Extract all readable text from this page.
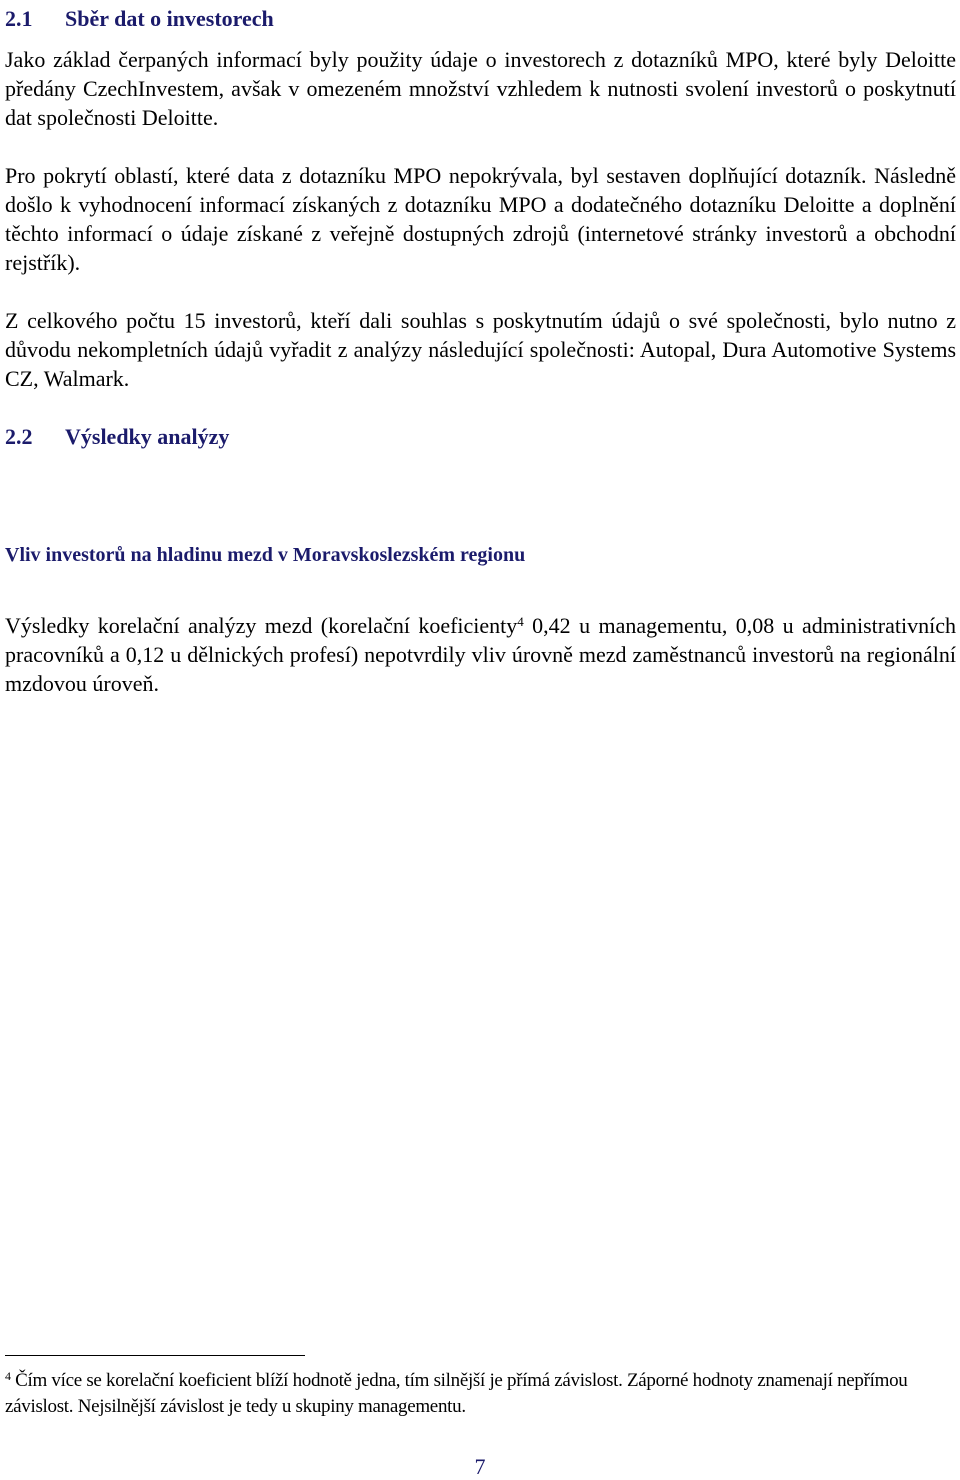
2.1 Sběr dat o investorech

Jako základ čerpaných informací byly použity údaje o investorech z dotazníků MPO, které byly Deloitte předány CzechInvestem, avšak v omezeném množství vzhledem k nutnosti svolení investorů o poskytnutí dat společnosti Deloitte.

Pro pokrytí oblastí, které data z dotazníku MPO nepokrývala, byl sestaven doplňující dotazník. Následně došlo k vyhodnocení informací získaných z dotazníku MPO a dodatečného dotazníku Deloitte a doplnění těchto informací o údaje získané z veřejně dostupných zdrojů (internetové stránky investorů a obchodní rejstřík).

Z celkového počtu 15 investorů, kteří dali souhlas s poskytnutím údajů o své společnosti, bylo nutno z důvodu nekompletních údajů vyřadit z analýzy následující společnosti: Autopal, Dura Automotive Systems CZ, Walmark.

2.2 Výsledky analýzy
Vliv investorů na hladinu mezd v Moravskoslezském regionu

Výsledky korelační analýzy mezd (korelační koeficienty$^4$ 0,42 u managementu, 0,08 u administrativních pracovníků a 0,12 u dělnických profesí) nepotvrdily vliv úrovně mezd zaměstnanců investorů na regionální mzdovou úroveň.

$^4$ Čím více se korelační koeficient blíží hodnotě jedna, tím silnější je přímá závislost. Záporné hodnoty znamenají nepřímou závislost. Nejsilnější závislost je tedy u skupiny managementu.
7
